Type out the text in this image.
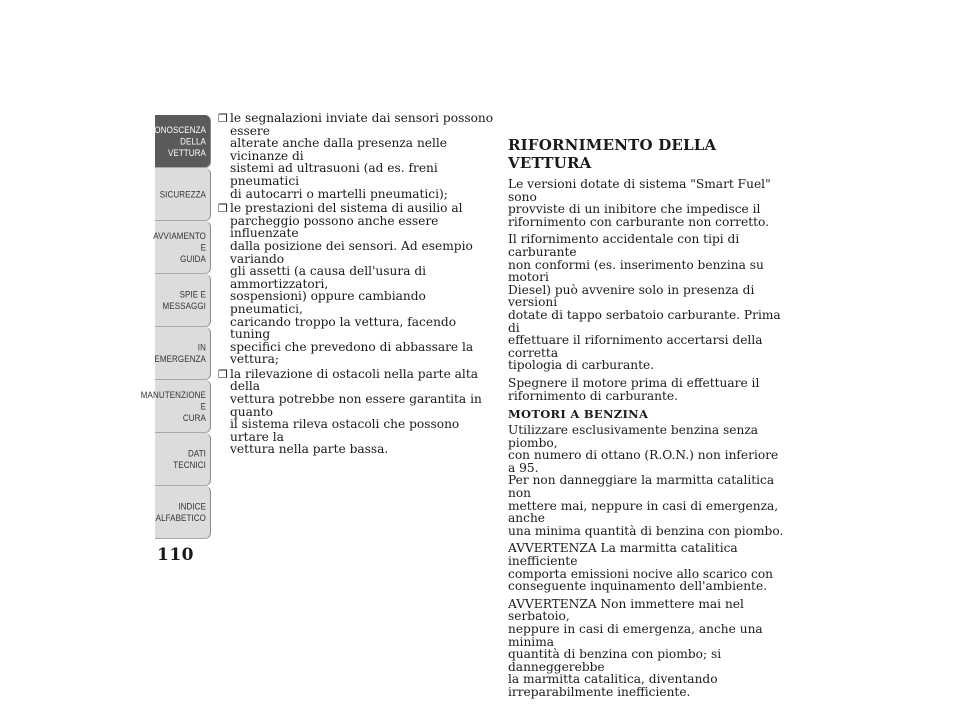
CONOSCENZA
DELLA VETTURA
SICUREZZA
AVVIAMENTO E
GUIDA
SPIE E MESSAGGI
IN EMERGENZA
MANUTENZIONE E
CURA
DATI TECNICI
INDICE
ALFABETICO
110
❒ le segnalazioni inviate dai sensori possono essere
alterate anche dalla presenza nelle vicinanze di
sistemi ad ultrasuoni (ad es. freni pneumatici
di autocarri o martelli pneumatici);
❒ le prestazioni del sistema di ausilio al
parcheggio possono anche essere influenzate
dalla posizione dei sensori. Ad esempio variando
gli assetti (a causa dell'usura di ammortizzatori,
sospensioni) oppure cambiando pneumatici,
caricando troppo la vettura, facendo tuning
specifici che prevedono di abbassare la vettura;
❒ la rilevazione di ostacoli nella parte alta della
vettura potrebbe non essere garantita in quanto
il sistema rileva ostacoli che possono urtare la
vettura nella parte bassa.
RIFORNIMENTO DELLA VETTURA

Le versioni dotate di sistema "Smart Fuel" sono
provviste di un inibitore che impedisce il
rifornimento con carburante non corretto.

Il rifornimento accidentale con tipi di carburante
non conformi (es. inserimento benzina su motori
Diesel) può avvenire solo in presenza di versioni
dotate di tappo serbatoio carburante. Prima di
effettuare il rifornimento accertarsi della corretta
tipologia di carburante.

Spegnere il motore prima di effettuare il
rifornimento di carburante.

MOTORI A BENZINA

Utilizzare esclusivamente benzina senza piombo,
con numero di ottano (R.O.N.) non inferiore a 95.
Per non danneggiare la marmitta catalitica non
mettere mai, neppure in casi di emergenza, anche
una minima quantità di benzina con piombo.

AVVERTENZA La marmitta catalitica inefficiente
comporta emissioni nocive allo scarico con
conseguente inquinamento dell'ambiente.

AVVERTENZA Non immettere mai nel serbatoio,
neppure in casi di emergenza, anche una minima
quantità di benzina con piombo; si danneggerebbe
la marmitta catalitica, diventando
irreparabilmente inefficiente.
